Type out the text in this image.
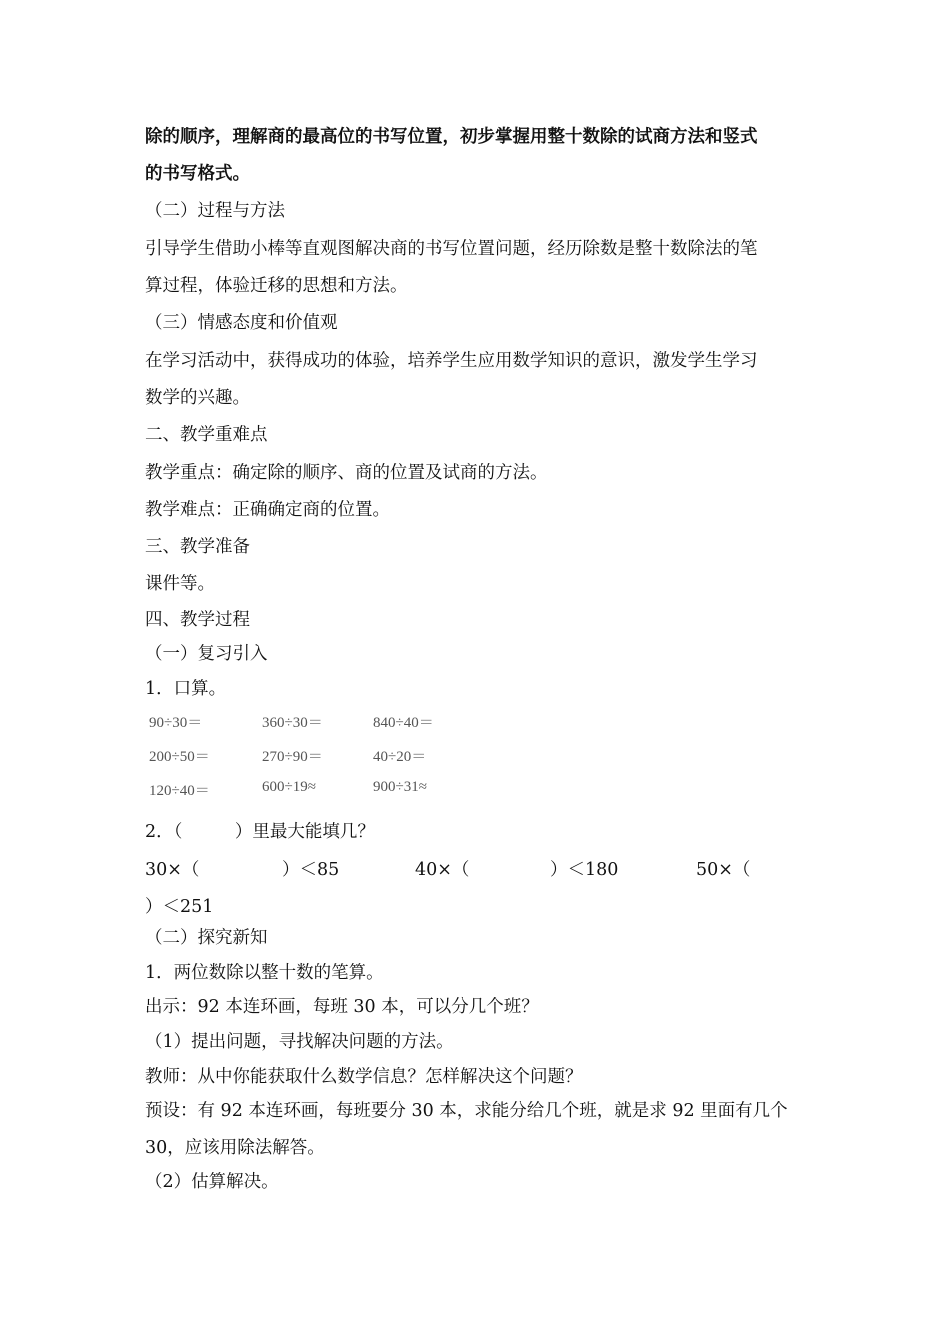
除的顺序，理解商的最高位的书写位置，初步掌握用整十数除的试商方法和竖式
的书写格式。
（二）过程与方法
引导学生借助小棒等直观图解决商的书写位置问题，经历除数是整十数除法的笔
算过程，体验迁移的思想和方法。
（三）情感态度和价值观
在学习活动中，获得成功的体验，培养学生应用数学知识的意识，激发学生学习
数学的兴趣。
二、教学重难点
教学重点：确定除的顺序、商的位置及试商的方法。
教学难点：正确确定商的位置。
三、教学准备
课件等。
四、教学过程
（一）复习引入
1．口算。
90÷30＝	360÷30＝	840÷40＝
200÷50＝	270÷90＝	40÷20＝
120÷40＝	600÷19≈	900÷31≈
2．（　　　）里最大能填几？
30×（	）＜85	40×（	）＜180	50×（
）＜251
（二）探究新知
1．两位数除以整十数的笔算。
出示：92 本连环画，每班 30 本，可以分几个班？
（1）提出问题，寻找解决问题的方法。
教师：从中你能获取什么数学信息？怎样解决这个问题？
预设：有 92 本连环画，每班要分 30 本，求能分给几个班，就是求 92 里面有几个
30，应该用除法解答。
（2）估算解决。
